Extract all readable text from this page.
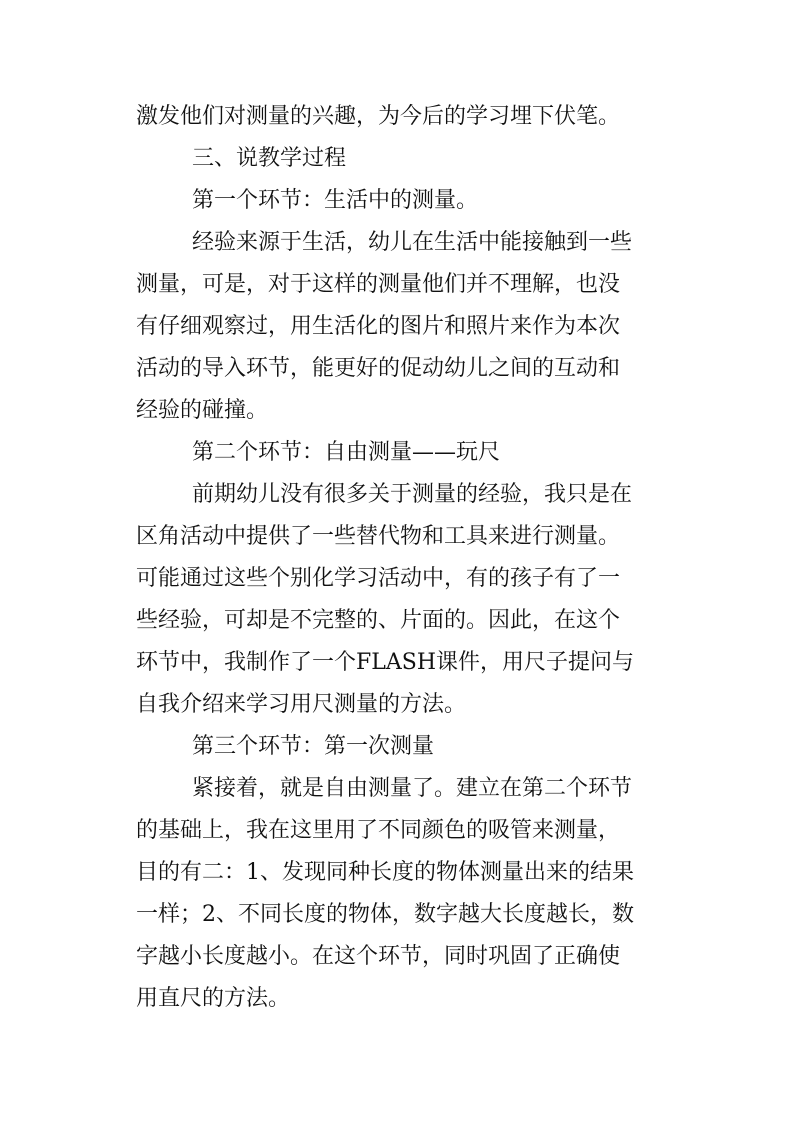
激发他们对测量的兴趣，为今后的学习埋下伏笔。

三、说教学过程

第一个环节：生活中的测量。

经验来源于生活，幼儿在生活中能接触到一些

测量，可是，对于这样的测量他们并不理解，也没

有仔细观察过，用生活化的图片和照片来作为本次

活动的导入环节，能更好的促动幼儿之间的互动和

经验的碰撞。

第二个环节：自由测量——玩尺

前期幼儿没有很多关于测量的经验，我只是在

区角活动中提供了一些替代物和工具来进行测量。

可能通过这些个别化学习活动中，有的孩子有了一

些经验，可却是不完整的、片面的。因此，在这个

环节中，我制作了一个FLASH课件，用尺子提问与

自我介绍来学习用尺测量的方法。

第三个环节：第一次测量

紧接着，就是自由测量了。建立在第二个环节

的基础上，我在这里用了不同颜色的吸管来测量，

目的有二：1、发现同种长度的物体测量出来的结果

一样；2、不同长度的物体，数字越大长度越长，数

字越小长度越小。在这个环节，同时巩固了正确使

用直尺的方法。
